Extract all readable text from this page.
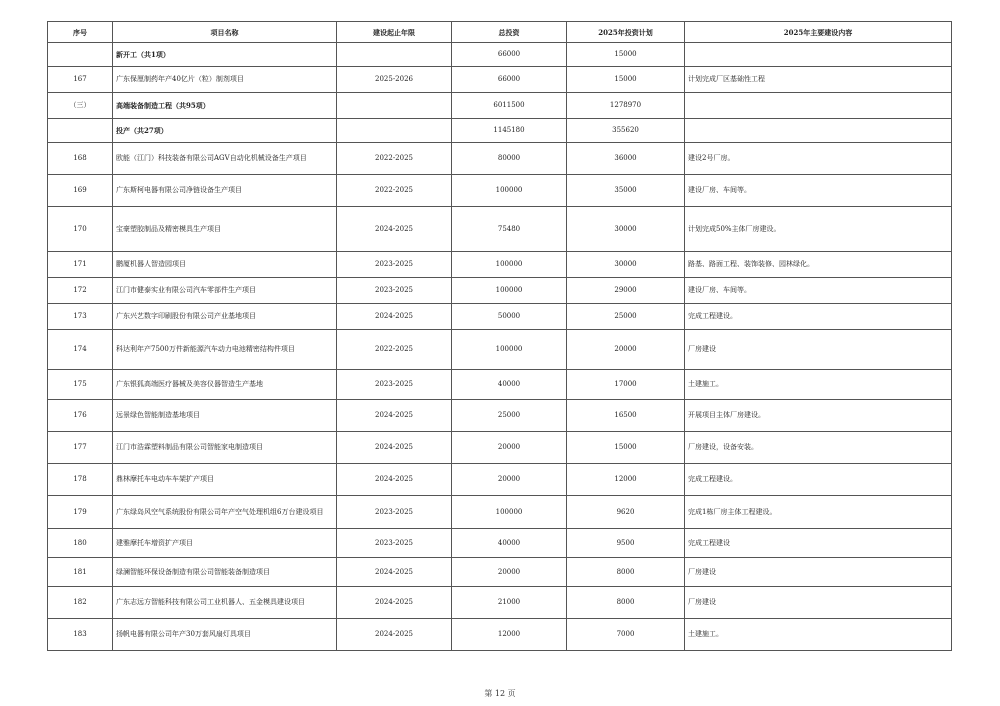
序号	项目名称	建设起止年限	总投资	2025年投资计划	2025年主要建设内容
	新开工（共1项）		66000	15000	
167	广东保厘制药年产40亿片（粒）制剂项目	2025-2026	66000	15000	计划完成厂区基础性工程
（三）	高端装备制造工程（共95项）		6011500	1278970	
	投产（共27项）		1145180	355620	
168	欧能（江门）科技装备有限公司AGV自动化机械设备生产项目	2022-2025	80000	36000	建设2号厂房。
169	广东斯柯电器有限公司净链设备生产项目	2022-2025	100000	35000	建设厂房、车间等。
170	宝豪塑胶制品及精密模具生产项目	2024-2025	75480	30000	计划完成50%主体厂房建设。
171	鹏厦机器人智造园项目	2023-2025	100000	30000	路基、路面工程、装饰装修、园林绿化。
172	江门市健泰实业有限公司汽车零部件生产项目	2023-2025	100000	29000	建设厂房、车间等。
173	广东兴艺数字印刷股份有限公司产业基地项目	2024-2025	50000	25000	完成工程建设。
174	科达利年产7500万件新能源汽车动力电池精密结构件项目	2022-2025	100000	20000	厂房建设
175	广东银狐高端医疗器械及美容仪器智造生产基地	2023-2025	40000	17000	土建施工。
176	远景绿色智能制造基地项目	2024-2025	25000	16500	开展项目主体厂房建设。
177	江门市浩霖塑料制品有限公司智能家电制造项目	2024-2025	20000	15000	厂房建设，设备安装。
178	鼎林摩托车电动车车架扩产项目	2024-2025	20000	12000	完成工程建设。
179	广东绿岛风空气系统股份有限公司年产空气处理机组6万台建设项目	2023-2025	100000	9620	完成1栋厂房主体工程建设。
180	建雅摩托车增资扩产项目	2023-2025	40000	9500	完成工程建设
181	绿澜智能环保设备制造有限公司智能装备制造项目	2024-2025	20000	8000	厂房建设
182	广东志远方智能科技有限公司工业机器人、五金模具建设项目	2024-2025	21000	8000	厂房建设
183	扬帆电器有限公司年产30万套风扇灯具项目	2024-2025	12000	7000	土建施工。
第 12 页
